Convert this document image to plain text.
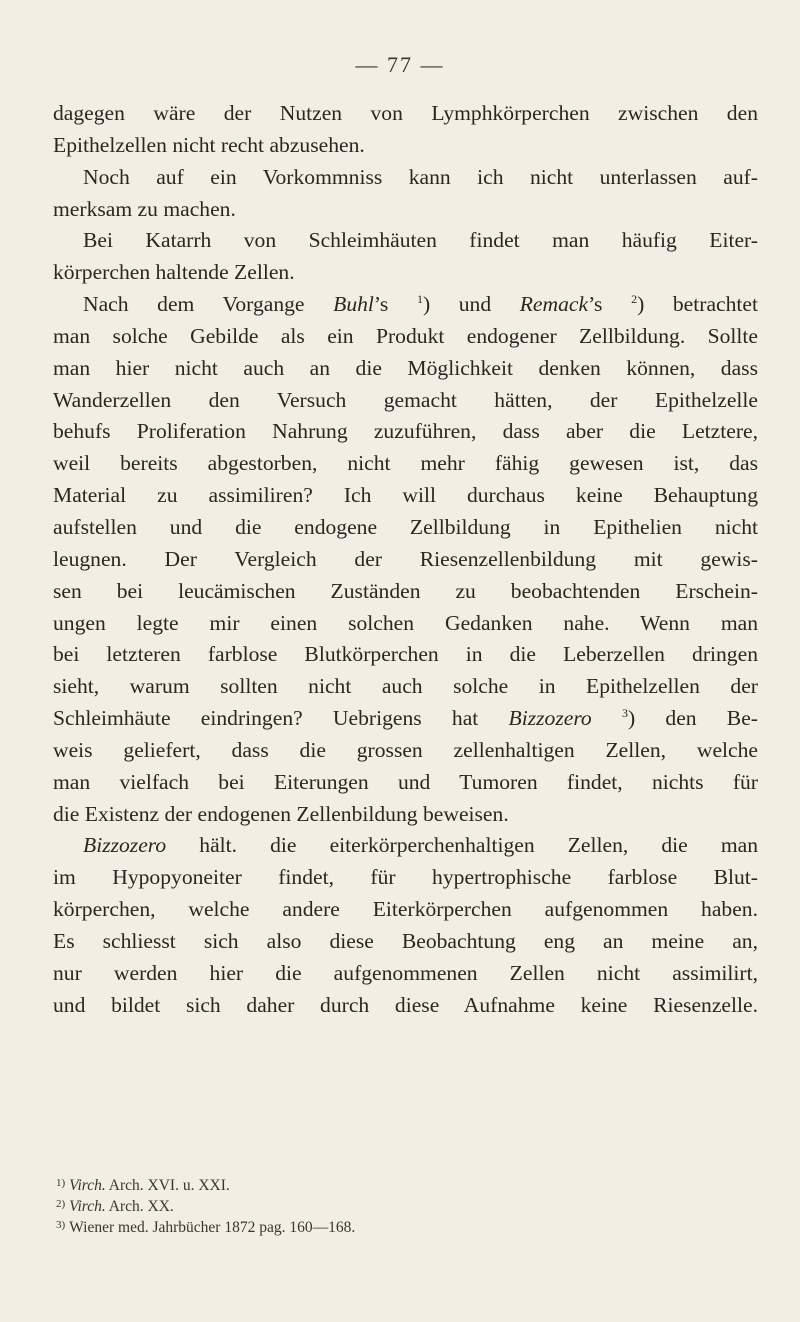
— 77 —
dagegen wäre der Nutzen von Lymphkörperchen zwischen den
Epithelzellen nicht recht abzusehen.
Noch auf ein Vorkommniss kann ich nicht unterlassen auf-
merksam zu machen.
Bei Katarrh von Schleimhäuten findet man häufig Eiter-
körperchen haltende Zellen.
Nach dem Vorgange Buhl’s $^1$) und Remack’s $^2$) betrachtet
man solche Gebilde als ein Produkt endogener Zellbildung. Sollte
man hier nicht auch an die Möglichkeit denken können, dass
Wanderzellen den Versuch gemacht hätten, der Epithelzelle
behufs Proliferation Nahrung zuzuführen, dass aber die Letztere,
weil bereits abgestorben, nicht mehr fähig gewesen ist, das
Material zu assimiliren? Ich will durchaus keine Behauptung
aufstellen und die endogene Zellbildung in Epithelien nicht
leugnen. Der Vergleich der Riesenzellenbildung mit gewis-
sen bei leucämischen Zuständen zu beobachtenden Erschein-
ungen legte mir einen solchen Gedanken nahe. Wenn man
bei letzteren farblose Blutkörperchen in die Leberzellen dringen
sieht, warum sollten nicht auch solche in Epithelzellen der
Schleimhäute eindringen? Uebrigens hat Bizzozero	$^3$) den Be-
weis geliefert, dass die grossen zellenhaltigen Zellen, welche
man vielfach bei Eiterungen und Tumoren findet, nichts für
die Existenz der endogenen Zellenbildung beweisen.
Bizzozero hält. die eiterkörperchenhaltigen Zellen, die man
im Hypopyoneiter findet, für hypertrophische farblose Blut-
körperchen, welche andere Eiterkörperchen aufgenommen haben.
Es schliesst sich also diese Beobachtung eng an meine an,
nur werden hier die aufgenommenen Zellen nicht assimilirt,
und bildet sich daher durch diese Aufnahme keine Riesenzelle.
$^{1)}$ Virch. Arch. XVI. u. XXI.
$^{2)}$ Virch. Arch. XX.
$^{3)}$ Wiener med. Jahrbücher 1872 pag. 160—168.
